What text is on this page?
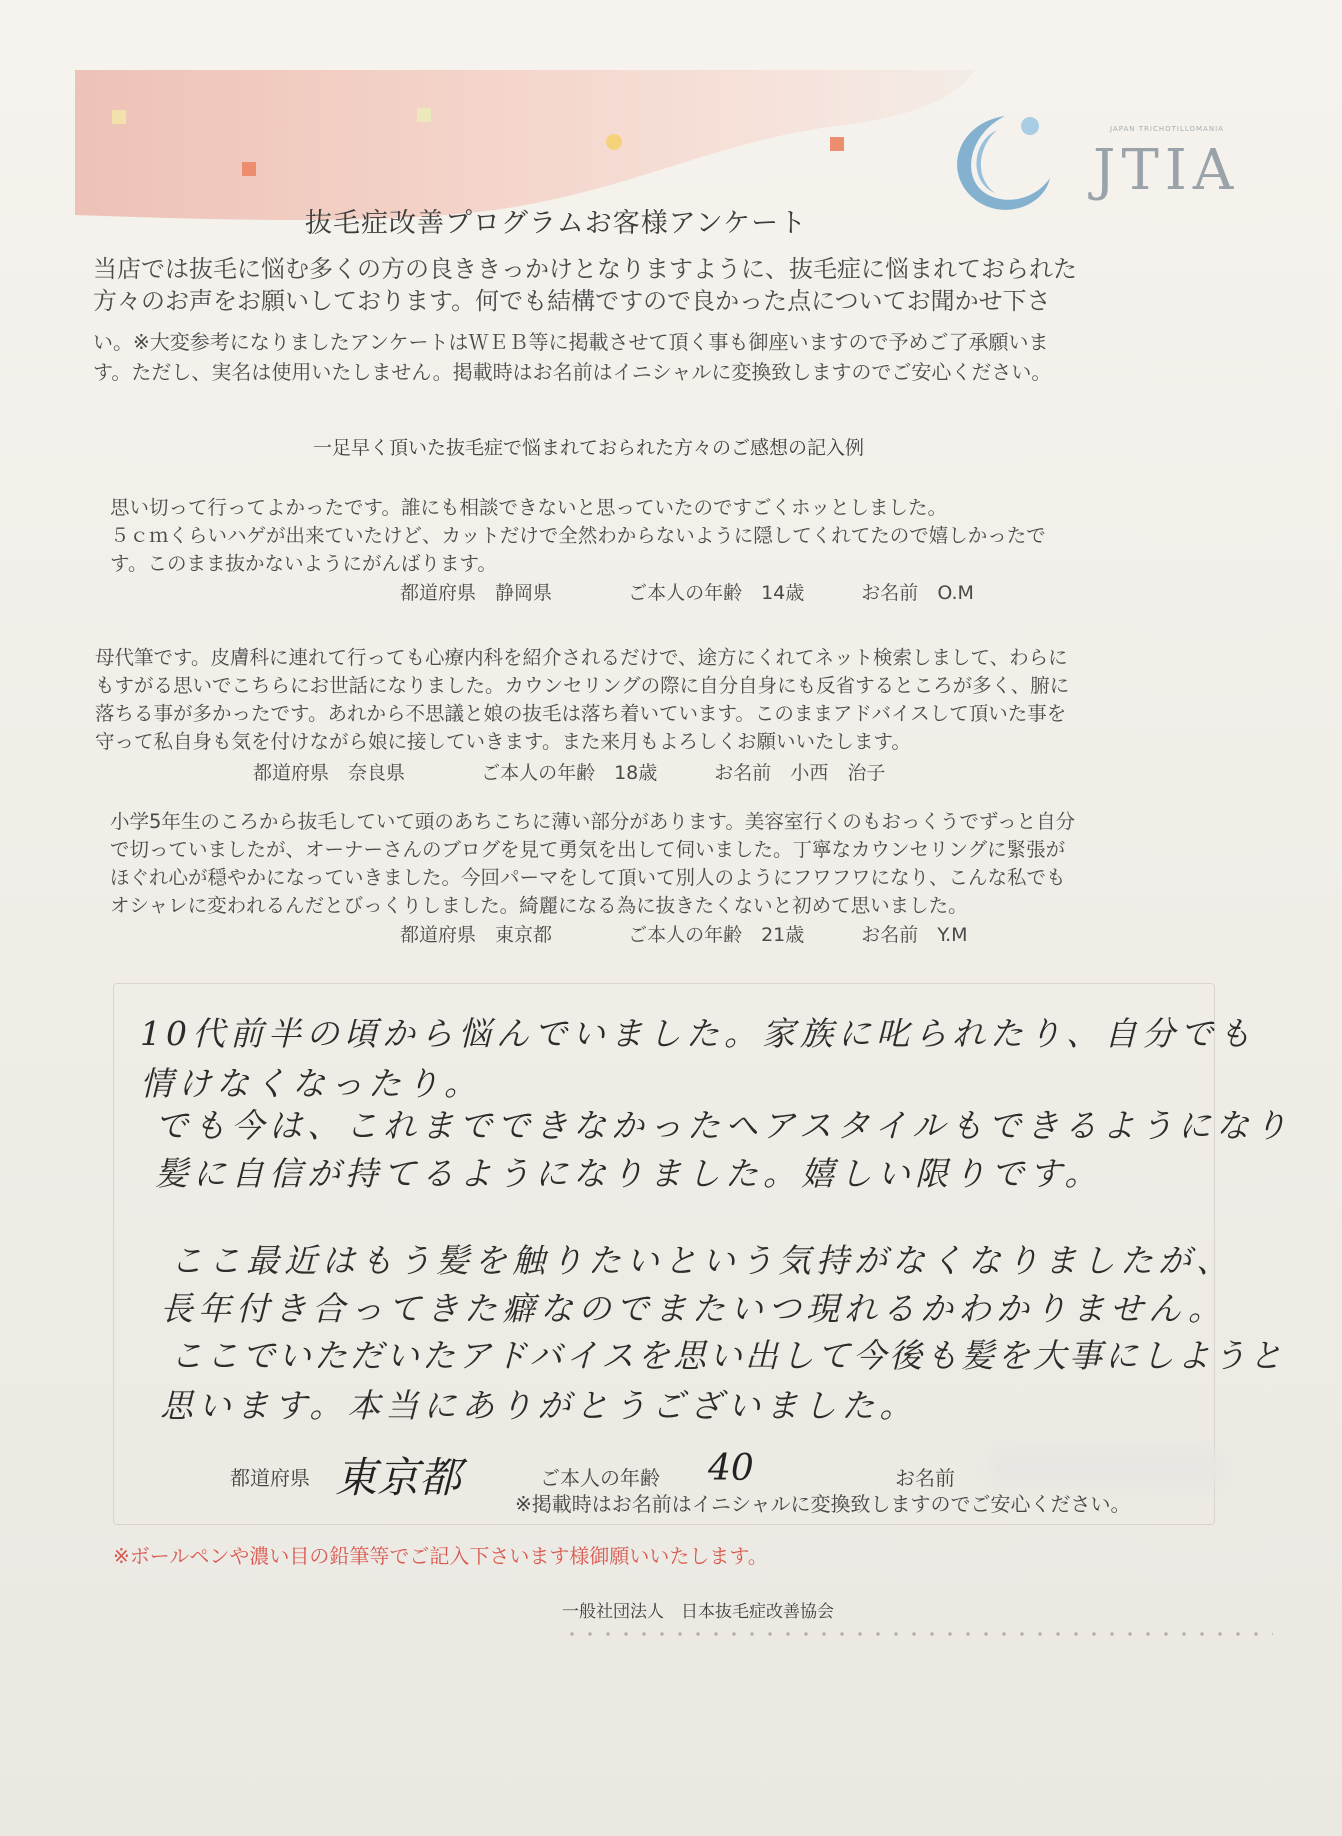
JAPAN TRICHOTILLOMANIA
JTIA
抜毛症改善プログラムお客様アンケート
当店では抜毛に悩む多くの方の良ききっかけとなりますように、抜毛症に悩まれておられた
方々のお声をお願いしております。何でも結構ですので良かった点についてお聞かせ下さ
い。※大変参考になりましたアンケートはＷＥＢ等に掲載させて頂く事も御座いますので予めご了承願いま
す。ただし、実名は使用いたしません。掲載時はお名前はイニシャルに変換致しますのでご安心ください。
一足早く頂いた抜毛症で悩まれておられた方々のご感想の記入例
思い切って行ってよかったです。誰にも相談できないと思っていたのですごくホッとしました。
５ｃｍくらいハゲが出来ていたけど、カットだけで全然わからないように隠してくれてたので嬉しかったで
す。このまま抜かないようにがんばります。
都道府県　 静岡県　　　　	ご本人の年齢　 14歳　　　	お名前　 O.M
母代筆です。皮膚科に連れて行っても心療内科を紹介されるだけで、途方にくれてネット検索しまして、わらに
もすがる思いでこちらにお世話になりました。カウンセリングの際に自分自身にも反省するところが多く、腑に
落ちる事が多かったです。あれから不思議と娘の抜毛は落ち着いています。このままアドバイスして頂いた事を
守って私自身も気を付けながら娘に接していきます。また来月もよろしくお願いいたします。
都道府県　 奈良県　　　　	ご本人の年齢　 18歳　　　	お名前　 小西　治子
小学5年生のころから抜毛していて頭のあちこちに薄い部分があります。美容室行くのもおっくうでずっと自分
で切っていましたが、オーナーさんのブログを見て勇気を出して伺いました。丁寧なカウンセリングに緊張が
ほぐれ心が穏やかになっていきました。今回パーマをして頂いて別人のようにフワフワになり、こんな私でも
オシャレに変われるんだとびっくりしました。綺麗になる為に抜きたくないと初めて思いました。
都道府県　 東京都　　　　	ご本人の年齢　 21歳　　　	お名前　 Y.M
10代前半の頃から悩んでいました。家族に叱られたり、自分でも
情けなくなったり。
でも今は、これまでできなかったヘアスタイルもできるようになり
髪に自信が持てるようになりました。嬉しい限りです。
ここ最近はもう髪を触りたいという気持がなくなりましたが、
長年付き合ってきた癖なのでまたいつ現れるかわかりません。
ここでいただいたアドバイスを思い出して今後も髪を大事にしようと
思います。本当にありがとうございました。
都道府県 東京都	ご本人の年齢 40	お名前
※掲載時はお名前はイニシャルに変換致しますのでご安心ください。
※ボールペンや濃い目の鉛筆等でご記入下さいます様御願いいたします。
一般社団法人　日本抜毛症改善協会
